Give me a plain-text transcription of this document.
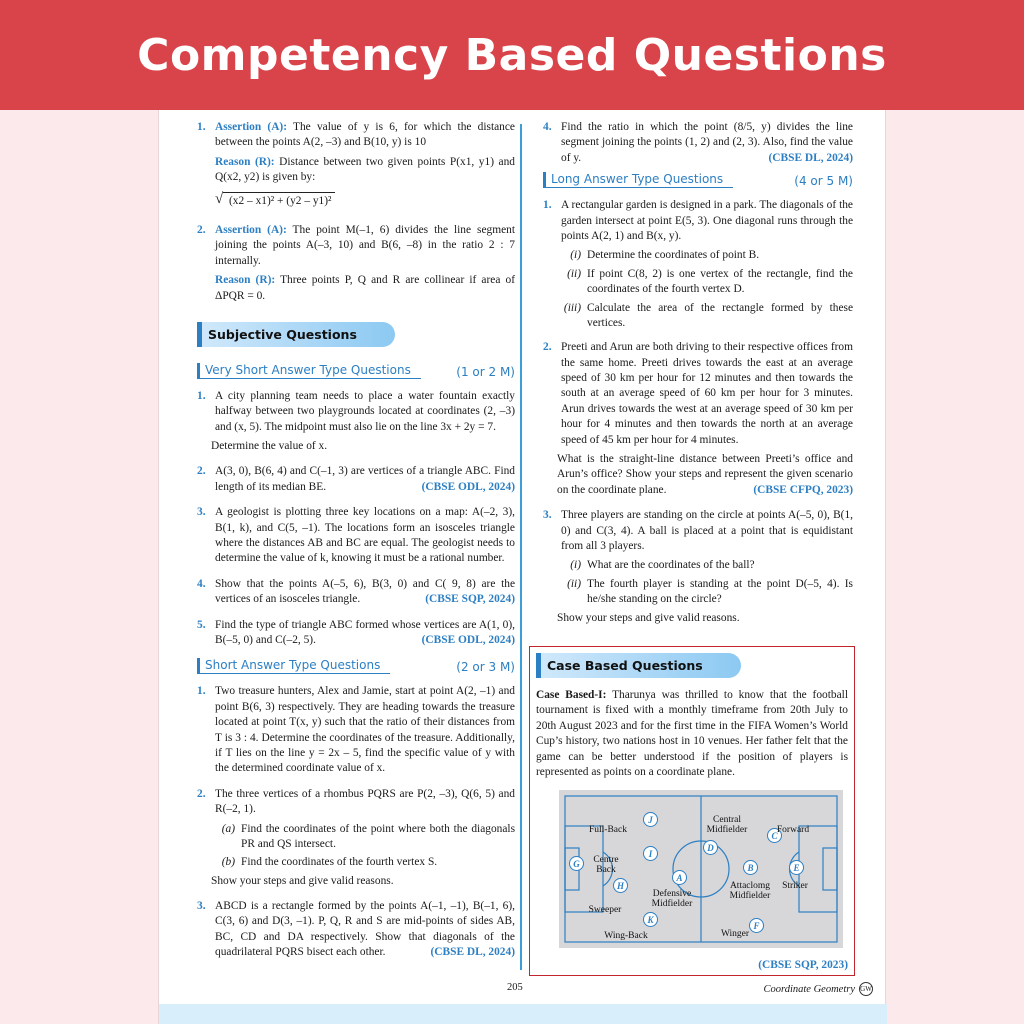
Competency Based Questions
1. Assertion (A): The value of y is 6, for which the distance between the points A(2, –3) and B(10, y) is 10
Reason (R): Distance between two given points P(x1, y1) and Q(x2, y2) is given by:
√ (x2 – x1)² + (y2 – y1)²
2. Assertion (A): The point M(–1, 6) divides the line segment joining the points A(–3, 10) and B(6, –8) in the ratio 2 : 7 internally.
Reason (R): Three points P, Q and R are collinear if area of ΔPQR = 0.
Subjective Questions
Very Short Answer Type Questions	(1 or 2 M)
1. A city planning team needs to place a water fountain exactly halfway between two playgrounds located at coordinates (2, –3) and (x, 5). The midpoint must also lie on the line 3x + 2y = 7.
Determine the value of x.
2. A(3, 0), B(6, 4) and C(–1, 3) are vertices of a triangle ABC. Find length of its median BE.	(CBSE ODL, 2024)
3. A geologist is plotting three key locations on a map: A(–2, 3), B(1, k), and C(5, –1). The locations form an isosceles triangle where the distances AB and BC are equal. The geologist needs to determine the value of k, knowing it must be a rational number.
4. Show that the points A(–5, 6), B(3, 0) and C( 9, 8) are the vertices of an isosceles triangle.	(CBSE SQP, 2024)
5. Find the type of triangle ABC formed whose vertices are A(1, 0), B(–5, 0) and C(–2, 5).	(CBSE ODL, 2024)
Short Answer Type Questions	(2 or 3 M)
1. Two treasure hunters, Alex and Jamie, start at point A(2, –1) and point B(6, 3) respectively. They are heading towards the treasure located at point T(x, y) such that the ratio of their distances from T is 3 : 4. Determine the coordinates of the treasure. Additionally, if T lies on the line y = 2x – 5, find the specific value of y with the determined coordinate value of x.
2. The three vertices of a rhombus PQRS are P(2, –3), Q(6, 5) and R(–2, 1).
(a) Find the coordinates of the point where both the diagonals PR and QS intersect.
(b) Find the coordinates of the fourth vertex S.
Show your steps and give valid reasons.
3. ABCD is a rectangle formed by the points A(–1, –1), B(–1, 6), C(3, 6) and D(3, –1). P, Q, R and S are mid-points of sides AB, BC, CD and DA respectively. Show that diagonals of the quadrilateral PQRS bisect each other.	(CBSE DL, 2024)
4. Find the ratio in which the point (8/5, y) divides the line segment joining the points (1, 2) and (2, 3). Also, find the value of y.	(CBSE DL, 2024)
Long Answer Type Questions	(4 or 5 M)
1. A rectangular garden is designed in a park. The diagonals of the garden intersect at point E(5, 3). One diagonal runs through the points A(2, 1) and B(x, y).
(i) Determine the coordinates of point B.
(ii) If point C(8, 2) is one vertex of the rectangle, find the coordinates of the fourth vertex D.
(iii) Calculate the area of the rectangle formed by these vertices.
2. Preeti and Arun are both driving to their respective offices from the same home. Preeti drives towards the east at an average speed of 30 km per hour for 12 minutes and then towards the south at an average speed of 60 km per hour for 3 minutes. Arun drives towards the west at an average speed of 30 km per hour for 4 minutes and then towards the north at an average speed of 45 km per hour for 4 minutes.
What is the straight-line distance between Preeti’s office and Arun’s office? Show your steps and represent the given scenario on the coordinate plane.	(CBSE CFPQ, 2023)
3. Three players are standing on the circle at points A(–5, 0), B(1, 0) and C(3, 4). A ball is placed at a point that is equidistant from all 3 players.
(i) What are the coordinates of the ball?
(ii) The fourth player is standing at the point D(–5, 4). Is he/she standing on the circle?
Show your steps and give valid reasons.
Case Based Questions
Case Based-I: Tharunya was thrilled to know that the football tournament is fixed with a monthly timeframe from 20th July to 20th August 2023 and for the first time in the FIFA Women’s World Cup’s history, two nations host in 10 venues. Her father felt that the game can be better understood if the position of players is represented as points on a coordinate plane.
J
I
G
H
K
A
D
B
C
E
F
Full-Back
Centre Back
Sweeper
Wing-Back
Defensive Midfielder
Central Midfielder
Attaclomg Midfielder
Forward
Striker
Winger
(CBSE SQP, 2023)
205	Coordinate Geometry GW
